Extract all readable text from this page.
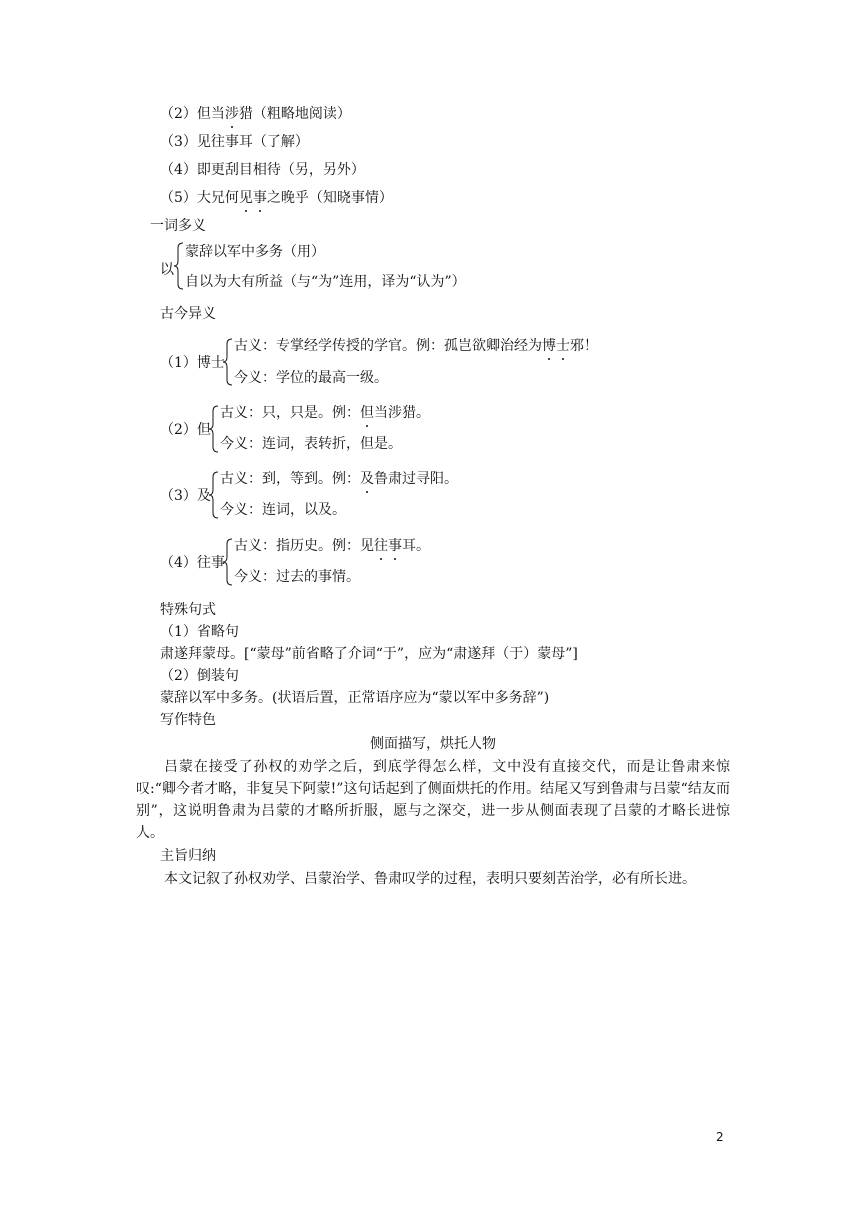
（2）但当涉猎（粗略地阅读）
（3）见往事耳（了解）
（4）即更刮目相待（另，另外）
（5）大兄何见事之晚乎（知晓事情）
一词多义
以
蒙辞以军中多务（用）
自以为大有所益（与“为”连用，译为“认为”）
古今异义
（1）博士
古义：专掌经学传授的学官。例：孤岂欲卿治经为博士邪！
今义：学位的最高一级。
（2）但
古义：只，只是。例：但当涉猎。
今义：连词，表转折，但是。
（3）及
古义：到，等到。例：及鲁肃过寻阳。
今义：连词，以及。
（4）往事
古义：指历史。例：见往事耳。
今义：过去的事情。
特殊句式
（1）省略句
肃遂拜蒙母。[“蒙母”前省略了介词“于”，应为“肃遂拜（于）蒙母”]
（2）倒装句
蒙辞以军中多务。(状语后置，正常语序应为“蒙以军中多务辞”)
写作特色
侧面描写，烘托人物
吕蒙在接受了孙权的劝学之后，到底学得怎么样，文中没有直接交代，而是让鲁肃来惊叹:“卿今者才略，非复吴下阿蒙!”这句话起到了侧面烘托的作用。结尾又写到鲁肃与吕蒙“结友而别”，这说明鲁肃为吕蒙的才略所折服，愿与之深交，进一步从侧面表现了吕蒙的才略长进惊人。
主旨归纳
本文记叙了孙权劝学、吕蒙治学、鲁肃叹学的过程，表明只要刻苦治学，必有所长进。
2
